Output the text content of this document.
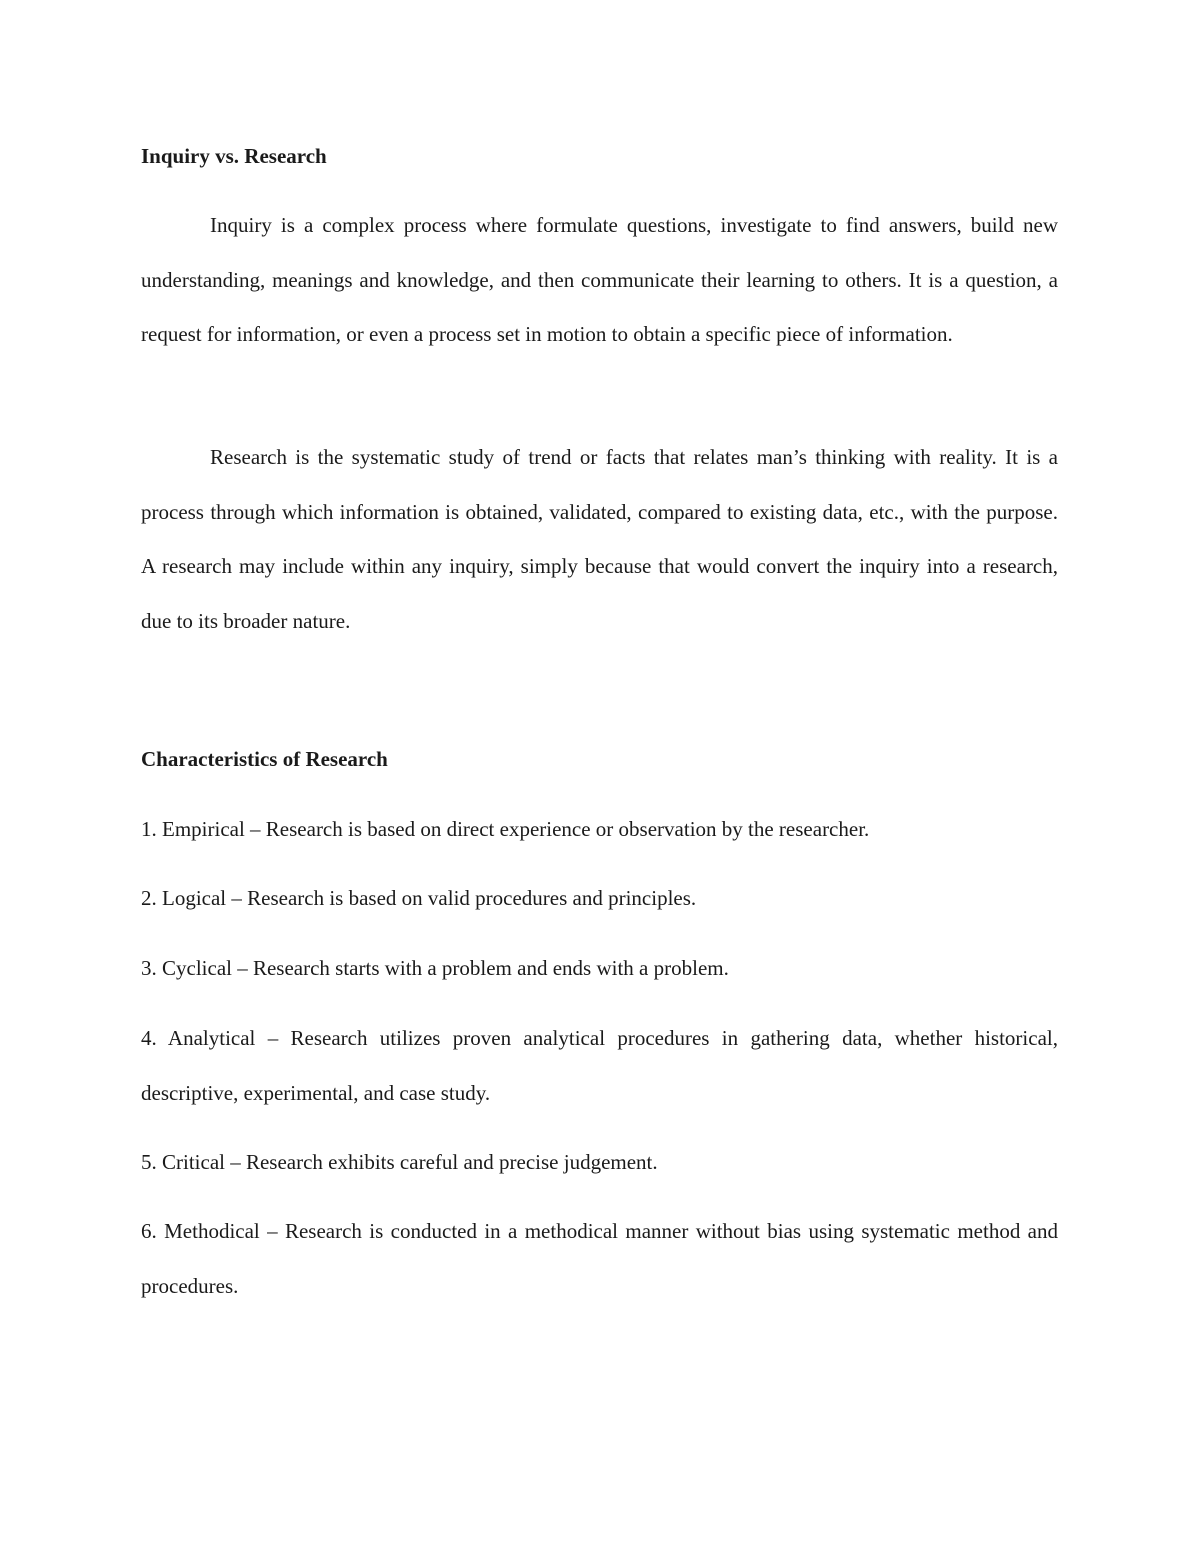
Inquiry vs. Research

Inquiry is a complex process where formulate questions, investigate to find answers, build new understanding, meanings and knowledge, and then communicate their learning to others. It is a question, a request for information, or even a process set in motion to obtain a specific piece of information.

Research is the systematic study of trend or facts that relates man’s thinking with reality. It is a process through which information is obtained, validated, compared to existing data, etc., with the purpose. A research may include within any inquiry, simply because that would convert the inquiry into a research, due to its broader nature.

Characteristics of Research

1. Empirical – Research is based on direct experience or observation by the researcher.

2. Logical – Research is based on valid procedures and principles.

3. Cyclical – Research starts with a problem and ends with a problem.

4. Analytical – Research utilizes proven analytical procedures in gathering data, whether historical, descriptive, experimental, and case study.

5. Critical – Research exhibits careful and precise judgement.

6. Methodical – Research is conducted in a methodical manner without bias using systematic method and procedures.
